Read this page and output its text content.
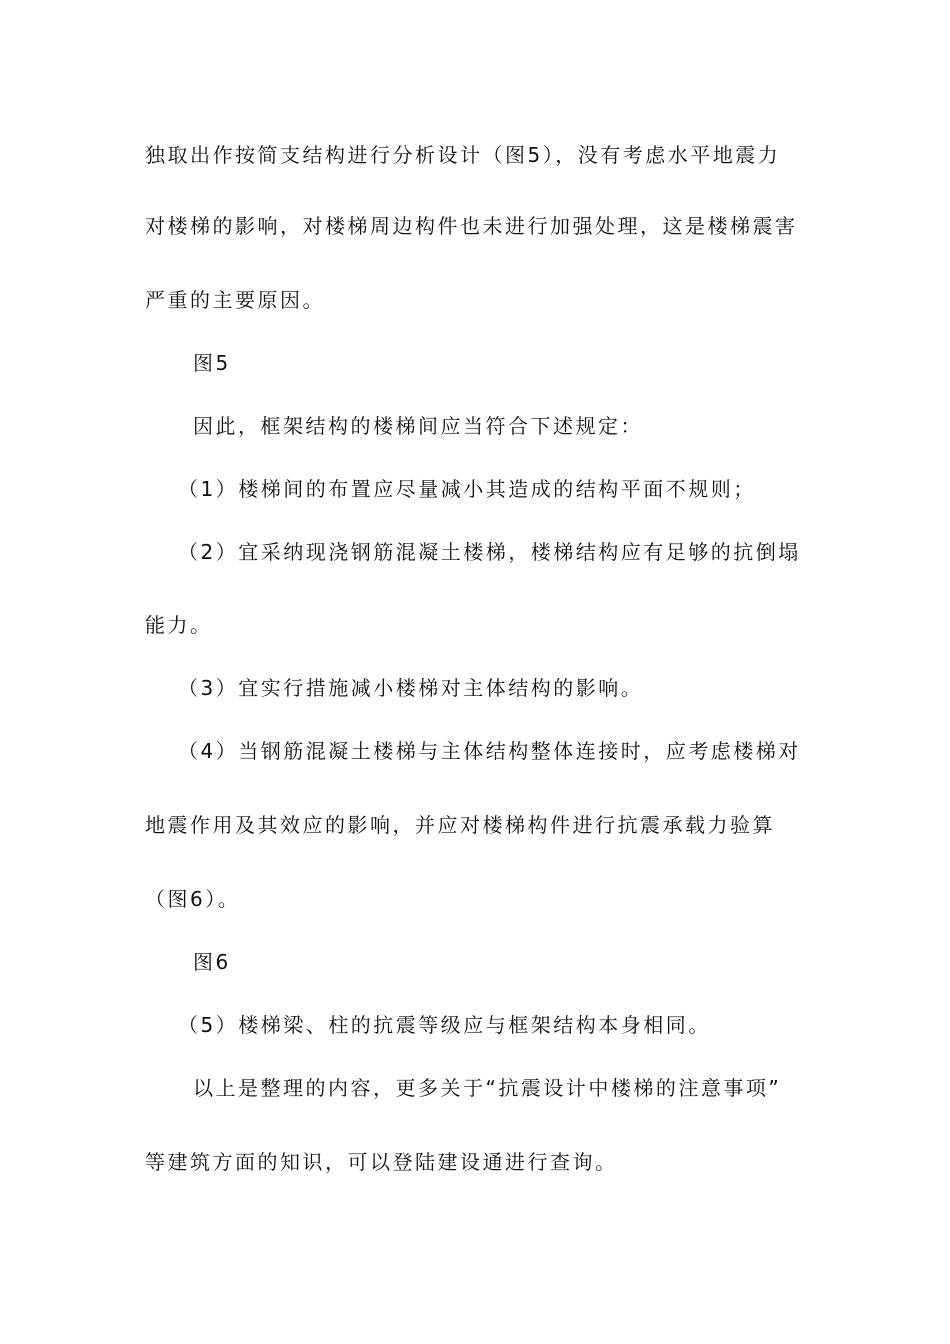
独取出作按简支结构进行分析设计（图5），没有考虑水平地震力
对楼梯的影响，对楼梯周边构件也未进行加强处理，这是楼梯震害
严重的主要原因。
图5
因此，框架结构的楼梯间应当符合下述规定：
（1）楼梯间的布置应尽量减小其造成的结构平面不规则；
（2）宜采纳现浇钢筋混凝土楼梯，楼梯结构应有足够的抗倒塌
能力。
（3）宜实行措施减小楼梯对主体结构的影响。
（4）当钢筋混凝土楼梯与主体结构整体连接时，应考虑楼梯对
地震作用及其效应的影响，并应对楼梯构件进行抗震承载力验算
（图6）。
图6
（5）楼梯梁、柱的抗震等级应与框架结构本身相同。
以上是整理的内容，更多关于“抗震设计中楼梯的注意事项”
等建筑方面的知识，可以登陆建设通进行查询。
